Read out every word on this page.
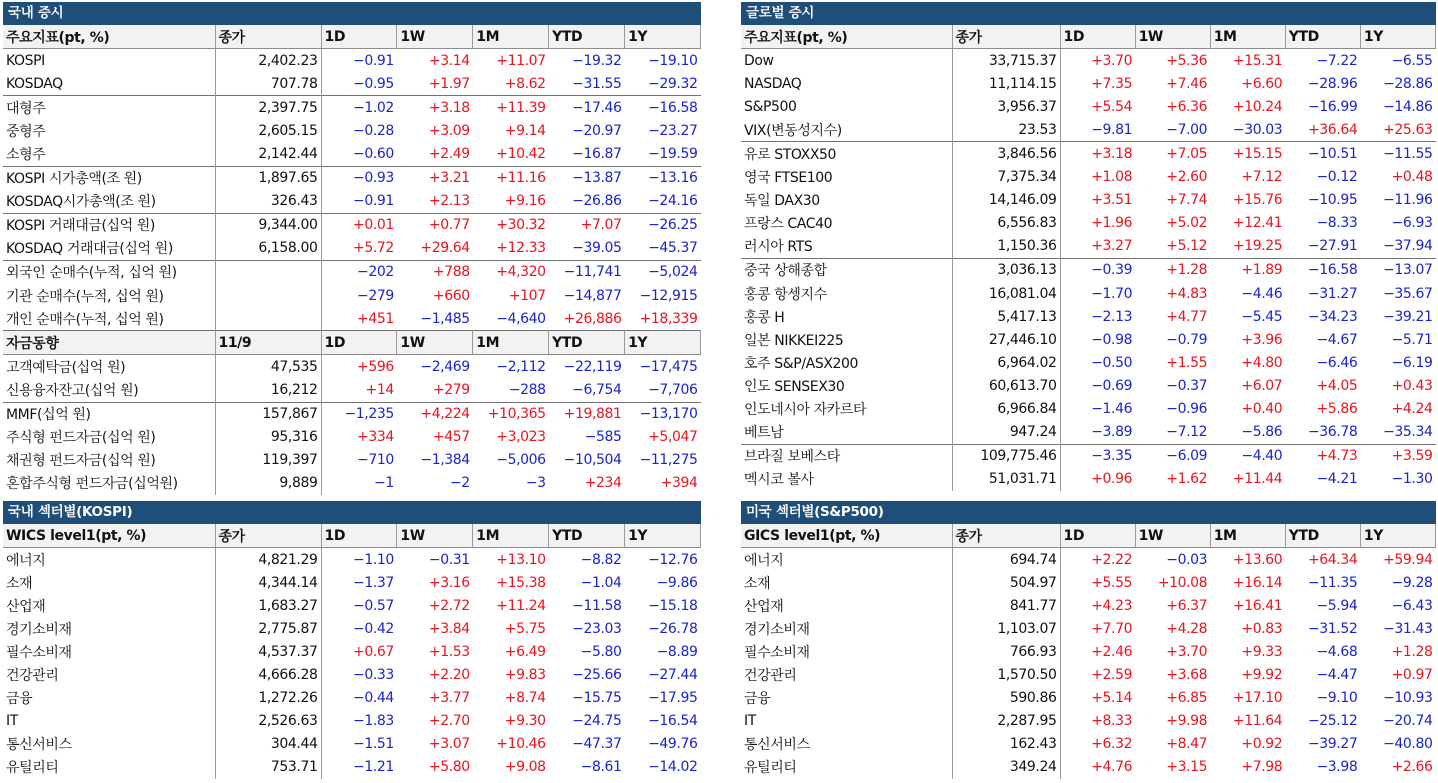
국내 증시
주요지표(pt, %)	종가	1D	1W	1M	YTD	1Y
KOSPI	2,402.23	−0.91	+3.14	+11.07	−19.32	−19.10
KOSDAQ	707.78	−0.95	+1.97	+8.62	−31.55	−29.32
대형주	2,397.75	−1.02	+3.18	+11.39	−17.46	−16.58
중형주	2,605.15	−0.28	+3.09	+9.14	−20.97	−23.27
소형주	2,142.44	−0.60	+2.49	+10.42	−16.87	−19.59
KOSPI 시가총액(조 원)	1,897.65	−0.93	+3.21	+11.16	−13.87	−13.16
KOSDAQ시가총액(조 원)	326.43	−0.91	+2.13	+9.16	−26.86	−24.16
KOSPI 거래대금(십억 원)	9,344.00	+0.01	+0.77	+30.32	+7.07	−26.25
KOSDAQ 거래대금(십억 원)	6,158.00	+5.72	+29.64	+12.33	−39.05	−45.37
외국인 순매수(누적, 십억 원)		−202	+788	+4,320	−11,741	−5,024
기관 순매수(누적, 십억 원)		−279	+660	+107	−14,877	−12,915
개인 순매수(누적, 십억 원)		+451	−1,485	−4,640	+26,886	+18,339
자금동향	11/9	1D	1W	1M	YTD	1Y
고객예탁금(십억 원)	47,535	+596	−2,469	−2,112	−22,119	−17,475
신용융자잔고(십억 원)	16,212	+14	+279	−288	−6,754	−7,706
MMF(십억 원)	157,867	−1,235	+4,224	+10,365	+19,881	−13,170
주식형 펀드자금(십억 원)	95,316	+334	+457	+3,023	−585	+5,047
채권형 펀드자금(십억 원)	119,397	−710	−1,384	−5,006	−10,504	−11,275
혼합주식형 펀드자금(십억원)	9,889	−1	−2	−3	+234	+394
글로벌 증시
주요지표(pt, %)	종가	1D	1W	1M	YTD	1Y
Dow	33,715.37	+3.70	+5.36	+15.31	−7.22	−6.55
NASDAQ	11,114.15	+7.35	+7.46	+6.60	−28.96	−28.86
S&P500	3,956.37	+5.54	+6.36	+10.24	−16.99	−14.86
VIX(변동성지수)	23.53	−9.81	−7.00	−30.03	+36.64	+25.63
유로 STOXX50	3,846.56	+3.18	+7.05	+15.15	−10.51	−11.55
영국 FTSE100	7,375.34	+1.08	+2.60	+7.12	−0.12	+0.48
독일 DAX30	14,146.09	+3.51	+7.74	+15.76	−10.95	−11.96
프랑스 CAC40	6,556.83	+1.96	+5.02	+12.41	−8.33	−6.93
러시아 RTS	1,150.36	+3.27	+5.12	+19.25	−27.91	−37.94
중국 상해종합	3,036.13	−0.39	+1.28	+1.89	−16.58	−13.07
홍콩 항셍지수	16,081.04	−1.70	+4.83	−4.46	−31.27	−35.67
홍콩 H	5,417.13	−2.13	+4.77	−5.45	−34.23	−39.21
일본 NIKKEI225	27,446.10	−0.98	−0.79	+3.96	−4.67	−5.71
호주 S&P/ASX200	6,964.02	−0.50	+1.55	+4.80	−6.46	−6.19
인도 SENSEX30	60,613.70	−0.69	−0.37	+6.07	+4.05	+0.43
인도네시아 자카르타	6,966.84	−1.46	−0.96	+0.40	+5.86	+4.24
베트남	947.24	−3.89	−7.12	−5.86	−36.78	−35.34
브라질 보베스타	109,775.46	−3.35	−6.09	−4.40	+4.73	+3.59
멕시코 볼사	51,031.71	+0.96	+1.62	+11.44	−4.21	−1.30
국내 섹터별(KOSPI)
WICS level1(pt, %)	종가	1D	1W	1M	YTD	1Y
에너지	4,821.29	−1.10	−0.31	+13.10	−8.82	−12.76
소재	4,344.14	−1.37	+3.16	+15.38	−1.04	−9.86
산업재	1,683.27	−0.57	+2.72	+11.24	−11.58	−15.18
경기소비재	2,775.87	−0.42	+3.84	+5.75	−23.03	−26.78
필수소비재	4,537.37	+0.67	+1.53	+6.49	−5.80	−8.89
건강관리	4,666.28	−0.33	+2.20	+9.83	−25.66	−27.44
금융	1,272.26	−0.44	+3.77	+8.74	−15.75	−17.95
IT	2,526.63	−1.83	+2.70	+9.30	−24.75	−16.54
통신서비스	304.44	−1.51	+3.07	+10.46	−47.37	−49.76
유틸리티	753.71	−1.21	+5.80	+9.08	−8.61	−14.02
미국 섹터별(S&P500)
GICS level1(pt, %)	종가	1D	1W	1M	YTD	1Y
에너지	694.74	+2.22	−0.03	+13.60	+64.34	+59.94
소재	504.97	+5.55	+10.08	+16.14	−11.35	−9.28
산업재	841.77	+4.23	+6.37	+16.41	−5.94	−6.43
경기소비재	1,103.07	+7.70	+4.28	+0.83	−31.52	−31.43
필수소비재	766.93	+2.46	+3.70	+9.33	−4.68	+1.28
건강관리	1,570.50	+2.59	+3.68	+9.92	−4.47	+0.97
금융	590.86	+5.14	+6.85	+17.10	−9.10	−10.93
IT	2,287.95	+8.33	+9.98	+11.64	−25.12	−20.74
통신서비스	162.43	+6.32	+8.47	+0.92	−39.27	−40.80
유틸리티	349.24	+4.76	+3.15	+7.98	−3.98	+2.66
